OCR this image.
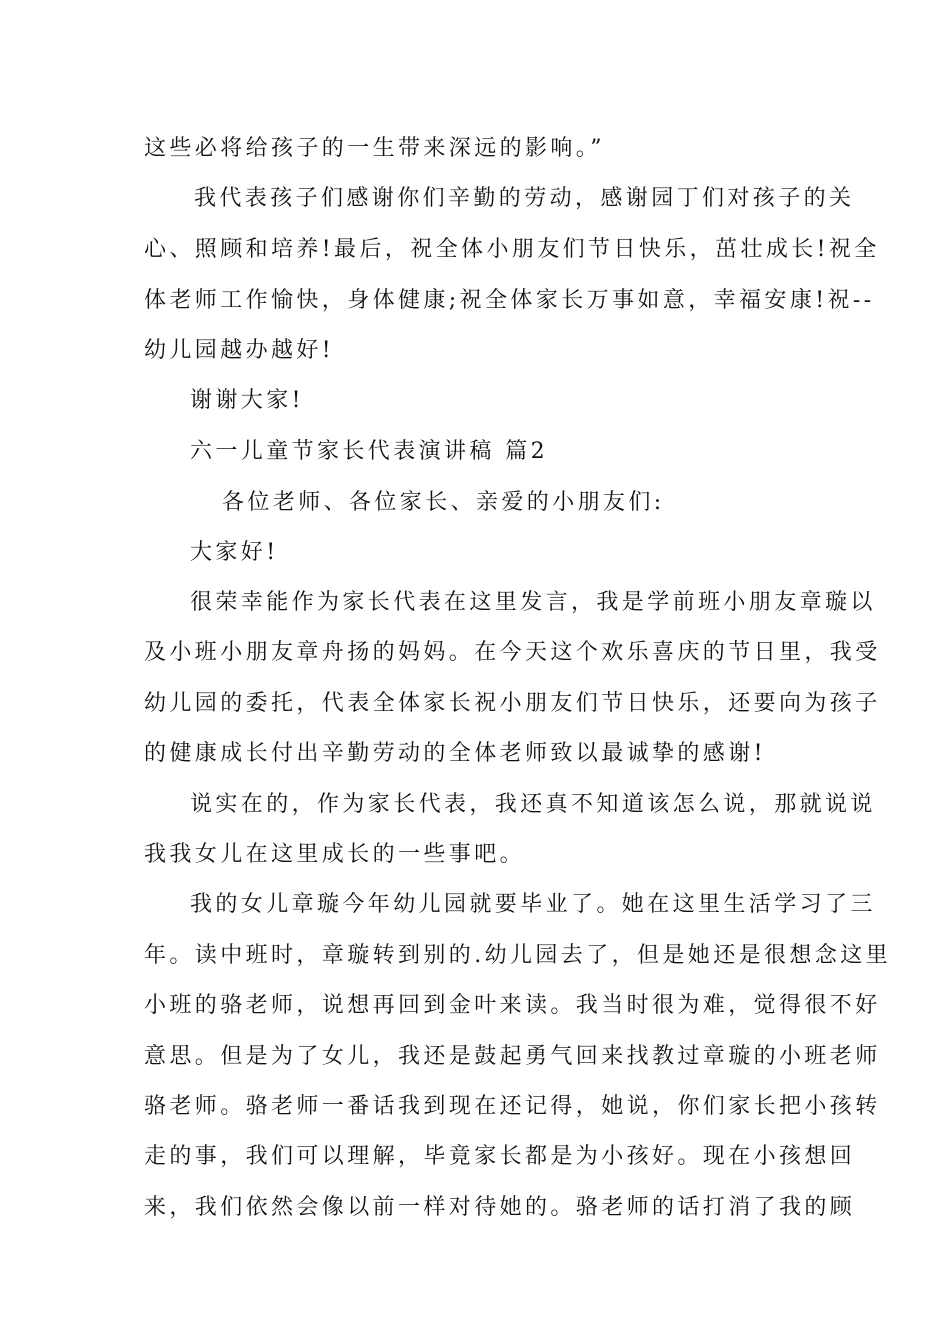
这些必将给孩子的一生带来深远的影响。”
我代表孩子们感谢你们辛勤的劳动，感谢园丁们对孩子的关
心、照顾和培养!最后，祝全体小朋友们节日快乐，茁壮成长!祝全
体老师工作愉快，身体健康;祝全体家长万事如意，幸福安康!祝--
幼儿园越办越好!
谢谢大家!
六一儿童节家长代表演讲稿 篇2
各位老师、各位家长、亲爱的小朋友们:
大家好!
很荣幸能作为家长代表在这里发言，我是学前班小朋友章璇以
及小班小朋友章舟扬的妈妈。在今天这个欢乐喜庆的节日里，我受
幼儿园的委托，代表全体家长祝小朋友们节日快乐，还要向为孩子
的健康成长付出辛勤劳动的全体老师致以最诚挚的感谢!
说实在的，作为家长代表，我还真不知道该怎么说，那就说说
我我女儿在这里成长的一些事吧。
我的女儿章璇今年幼儿园就要毕业了。她在这里生活学习了三
年。读中班时，章璇转到别的.幼儿园去了，但是她还是很想念这里
小班的骆老师，说想再回到金叶来读。我当时很为难，觉得很不好
意思。但是为了女儿，我还是鼓起勇气回来找教过章璇的小班老师
骆老师。骆老师一番话我到现在还记得，她说，你们家长把小孩转
走的事，我们可以理解，毕竟家长都是为小孩好。现在小孩想回
来，我们依然会像以前一样对待她的。骆老师的话打消了我的顾
